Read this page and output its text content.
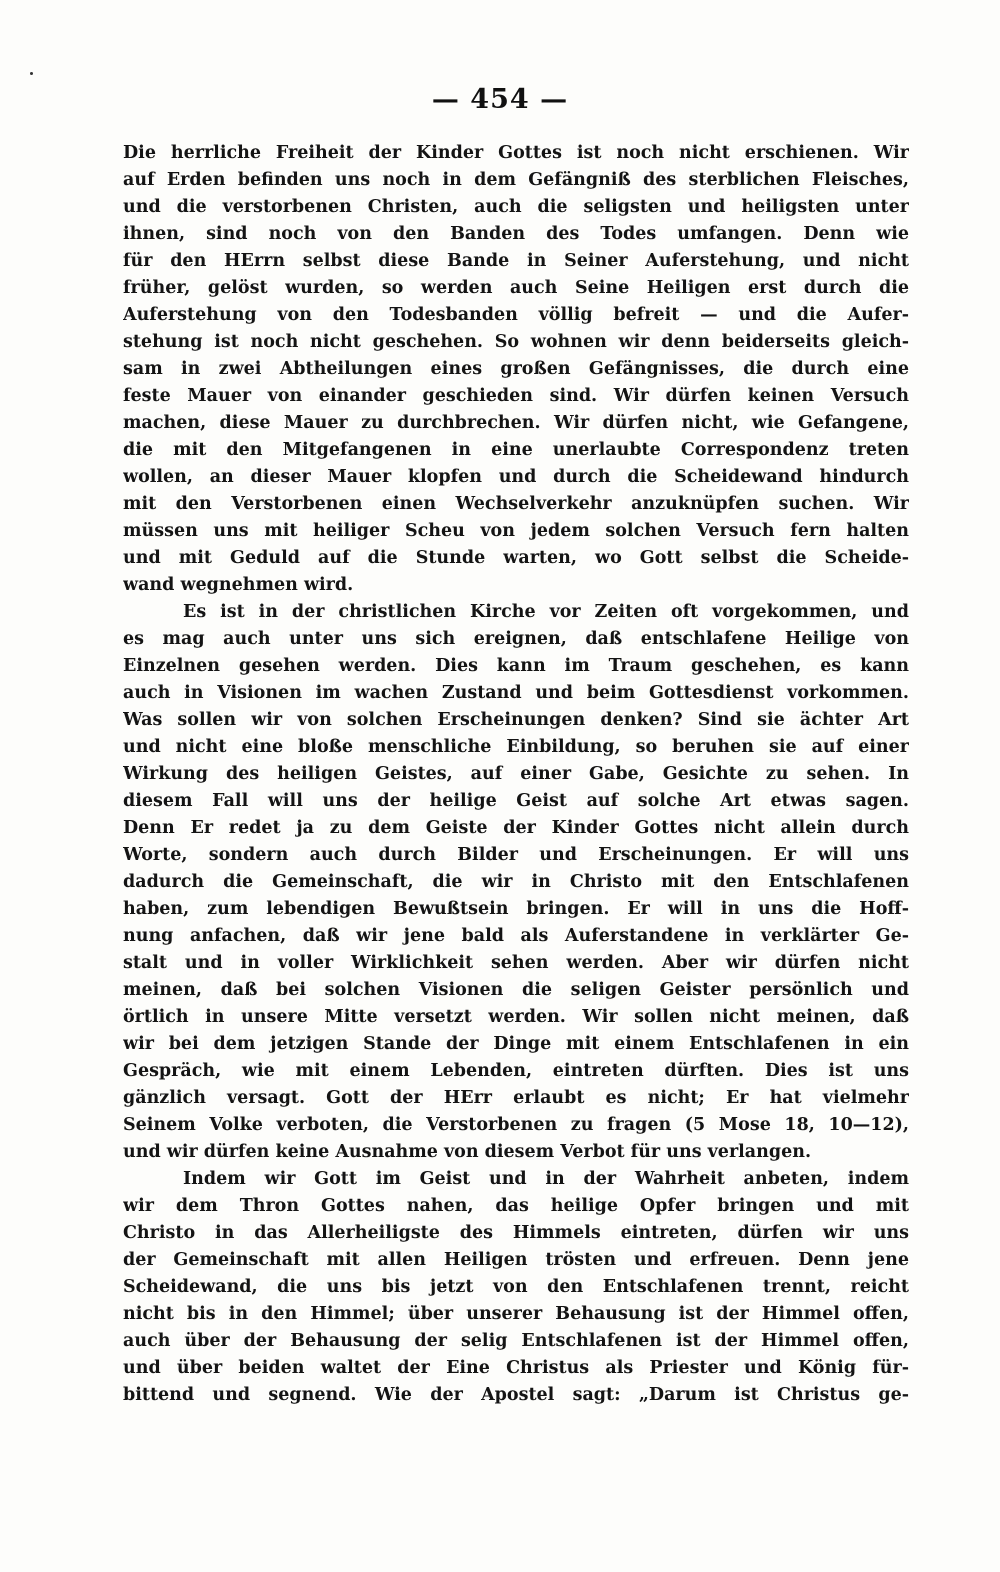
— 454 —
Die herrliche Freiheit der Kinder Gottes ist noch nicht erschienen. Wir
auf Erden befinden uns noch in dem Gefängniß des sterblichen Fleisches,
und die verstorbenen Christen, auch die seligsten und heiligsten unter
ihnen, sind noch von den Banden des Todes umfangen. Denn wie
für den HErrn selbst diese Bande in Seiner Auferstehung, und nicht
früher, gelöst wurden, so werden auch Seine Heiligen erst durch die
Auferstehung von den Todesbanden völlig befreit — und die Aufer-
stehung ist noch nicht geschehen. So wohnen wir denn beiderseits gleich-
sam in zwei Abtheilungen eines großen Gefängnisses, die durch eine
feste Mauer von einander geschieden sind. Wir dürfen keinen Versuch
machen, diese Mauer zu durchbrechen. Wir dürfen nicht, wie Gefangene,
die mit den Mitgefangenen in eine unerlaubte Correspondenz treten
wollen, an dieser Mauer klopfen und durch die Scheidewand hindurch
mit den Verstorbenen einen Wechselverkehr anzuknüpfen suchen. Wir
müssen uns mit heiliger Scheu von jedem solchen Versuch fern halten
und mit Geduld auf die Stunde warten, wo Gott selbst die Scheide-
wand wegnehmen wird.
Es ist in der christlichen Kirche vor Zeiten oft vorgekommen, und
es mag auch unter uns sich ereignen, daß entschlafene Heilige von
Einzelnen gesehen werden. Dies kann im Traum geschehen, es kann
auch in Visionen im wachen Zustand und beim Gottesdienst vorkommen.
Was sollen wir von solchen Erscheinungen denken? Sind sie ächter Art
und nicht eine bloße menschliche Einbildung, so beruhen sie auf einer
Wirkung des heiligen Geistes, auf einer Gabe, Gesichte zu sehen. In
diesem Fall will uns der heilige Geist auf solche Art etwas sagen.
Denn Er redet ja zu dem Geiste der Kinder Gottes nicht allein durch
Worte, sondern auch durch Bilder und Erscheinungen. Er will uns
dadurch die Gemeinschaft, die wir in Christo mit den Entschlafenen
haben, zum lebendigen Bewußtsein bringen. Er will in uns die Hoff-
nung anfachen, daß wir jene bald als Auferstandene in verklärter Ge-
stalt und in voller Wirklichkeit sehen werden. Aber wir dürfen nicht
meinen, daß bei solchen Visionen die seligen Geister persönlich und
örtlich in unsere Mitte versetzt werden. Wir sollen nicht meinen, daß
wir bei dem jetzigen Stande der Dinge mit einem Entschlafenen in ein
Gespräch, wie mit einem Lebenden, eintreten dürften. Dies ist uns
gänzlich versagt. Gott der HErr erlaubt es nicht; Er hat vielmehr
Seinem Volke verboten, die Verstorbenen zu fragen (5 Mose 18, 10—12),
und wir dürfen keine Ausnahme von diesem Verbot für uns verlangen.
Indem wir Gott im Geist und in der Wahrheit anbeten, indem
wir dem Thron Gottes nahen, das heilige Opfer bringen und mit
Christo in das Allerheiligste des Himmels eintreten, dürfen wir uns
der Gemeinschaft mit allen Heiligen trösten und erfreuen. Denn jene
Scheidewand, die uns bis jetzt von den Entschlafenen trennt, reicht
nicht bis in den Himmel; über unserer Behausung ist der Himmel offen,
auch über der Behausung der selig Entschlafenen ist der Himmel offen,
und über beiden waltet der Eine Christus als Priester und König für-
bittend und segnend. Wie der Apostel sagt: „Darum ist Christus ge-
